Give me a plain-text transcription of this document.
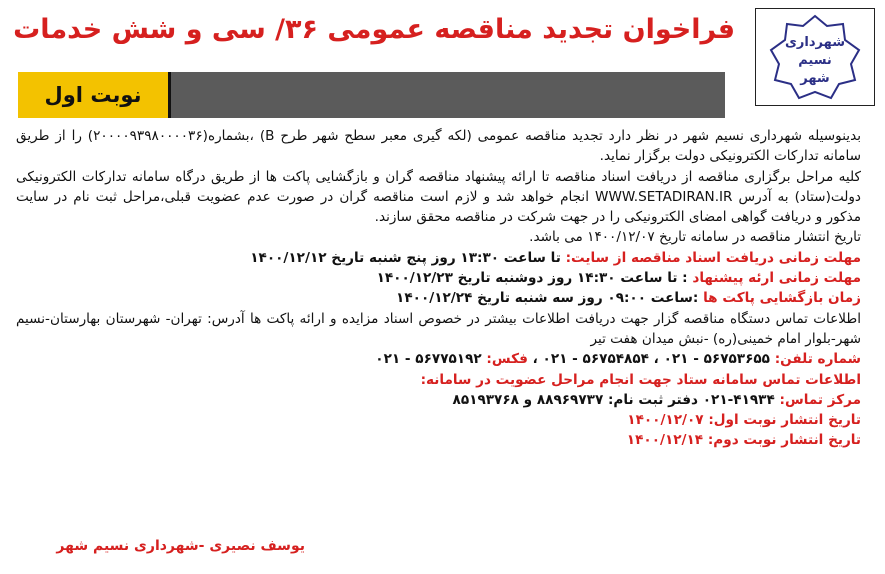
شهرداری
نسیم
شهر
فراخوان تجدید مناقصه عمومی ۳۶/ سی و شش خدمات
نوبت اول

بدینوسیله شهرداری نسیم شهر در نظر دارد تجدید مناقصه عمومی (لکه گیری معبر سطح شهر طرح B) ،بشماره(۲۰۰۰۰۹۳۹۸۰۰۰۰۳۶) را از طریق سامانه تدارکات الکترونیکی دولت برگزار نماید.

کلیه مراحل برگزاری مناقصه از دریافت اسناد مناقصه تا ارائه پیشنهاد مناقصه گران و بازگشایی پاکت ها از طریق درگاه سامانه تدارکات الکترونیکی دولت(ستاد) به آدرس WWW.SETADIRAN.IR انجام خواهد شد و لازم است مناقصه گران در صورت عدم عضویت قبلی،مراحل ثبت نام در سایت مذکور و دریافت گواهی امضای الکترونیکی را در جهت شرکت در مناقصه محقق سازند.

تاریخ انتشار مناقصه در سامانه تاریخ ۱۴۰۰/۱۲/۰۷ می باشد.

مهلت زمانی دریافت اسناد مناقصه از سایت: تا ساعت ۱۳:۳۰ روز پنج شنبه تاریخ ۱۴۰۰/۱۲/۱۲

مهلت زمانی ارئه پیشنهاد : تا ساعت ۱۴:۳۰ روز دوشنبه تاریخ ۱۴۰۰/۱۲/۲۳

زمان بازگشایی پاکت ها :ساعت ۰۹:۰۰ روز سه شنبه تاریخ ۱۴۰۰/۱۲/۲۴

اطلاعات تماس دستگاه مناقصه گزار جهت دریافت اطلاعات بیشتر در خصوص اسناد مزایده و ارائه پاکت ها آدرس: تهران- شهرستان بهارستان-نسیم شهر-بلوار امام خمینی(ره) -نبش میدان هفت تیر

شماره تلفن: ۵۶۷۵۳۶۵۵ - ۰۲۱ ، ۵۶۷۵۴۸۵۴ - ۰۲۱ ، فکس: ۵۶۷۷۵۱۹۲ - ۰۲۱

اطلاعات تماس سامانه ستاد جهت انجام مراحل عضویت در سامانه:

مرکز تماس: ۴۱۹۳۴-۰۲۱ دفتر ثبت نام: ۸۸۹۶۹۷۳۷ و ۸۵۱۹۳۷۶۸

تاریخ انتشار نوبت اول: ۱۴۰۰/۱۲/۰۷

تاریخ انتشار نوبت دوم: ۱۴۰۰/۱۲/۱۴

یوسف نصیری -شهرداری نسیم شهر
